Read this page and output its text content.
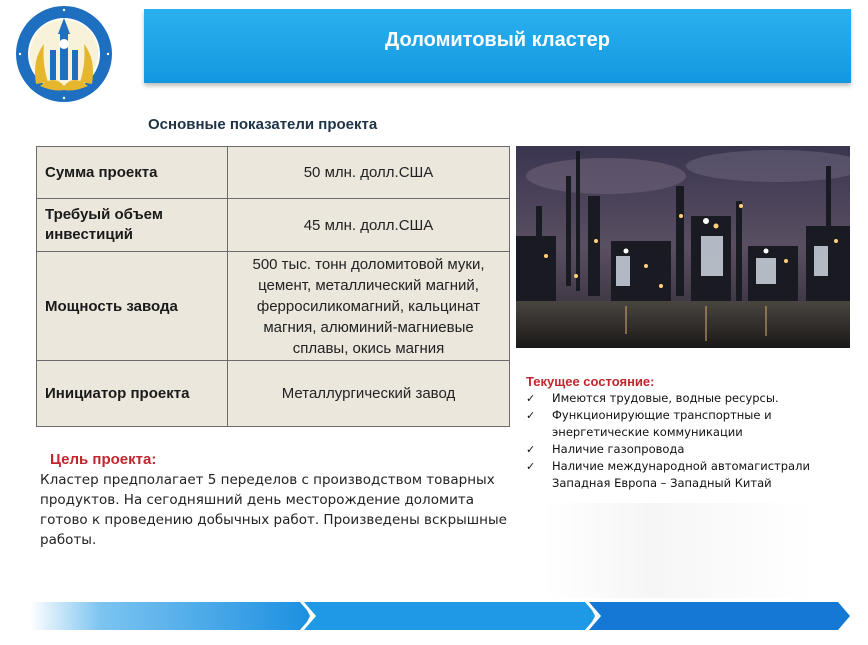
Доломитовый кластер
Основные показатели проекта
Сумма проекта	50 млн. долл.США
Требуый объем инвестиций	45 млн. долл.США
Мощность завода	500 тыс. тонн доломитовой муки, цемент, металлический магний, ферросиликомагний, кальцинат магния, алюминий-магниевые сплавы, окись магния
Инициатор проекта	Металлургический завод
Текущее состояние:
✓ Имеются трудовые, водные ресурсы.
✓ Функционирующие транспортные и энергетические коммуникации
✓ Наличие газопровода
✓ Наличие международной автомагистрали Западная Европа – Западный Китай
Цель проекта:
Кластер предполагает 5 переделов с производством товарных продуктов. На сегодняшний день месторождение доломита готово к проведению добычных работ. Произведены вскрышные работы.
